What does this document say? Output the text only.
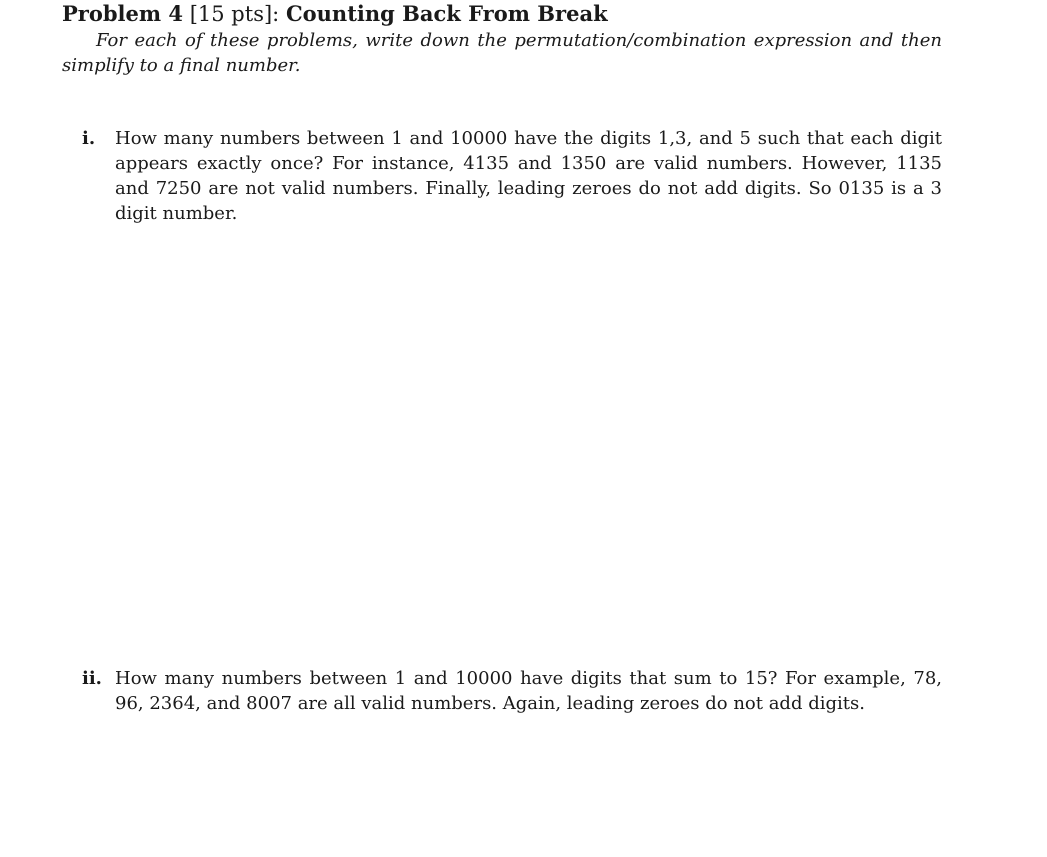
Problem 4 [15 pts]: Counting Back From Break
For each of these problems, write down the permutation/combination expression and then simplify to a final number.
i. How many numbers between 1 and 10000 have the digits 1,3, and 5 such that each digit appears exactly once? For instance, 4135 and 1350 are valid numbers. However, 1135 and 7250 are not valid numbers. Finally, leading zeroes do not add digits. So 0135 is a 3 digit number.
ii. How many numbers between 1 and 10000 have digits that sum to 15? For example, 78, 96, 2364, and 8007 are all valid numbers. Again, leading zeroes do not add digits.
